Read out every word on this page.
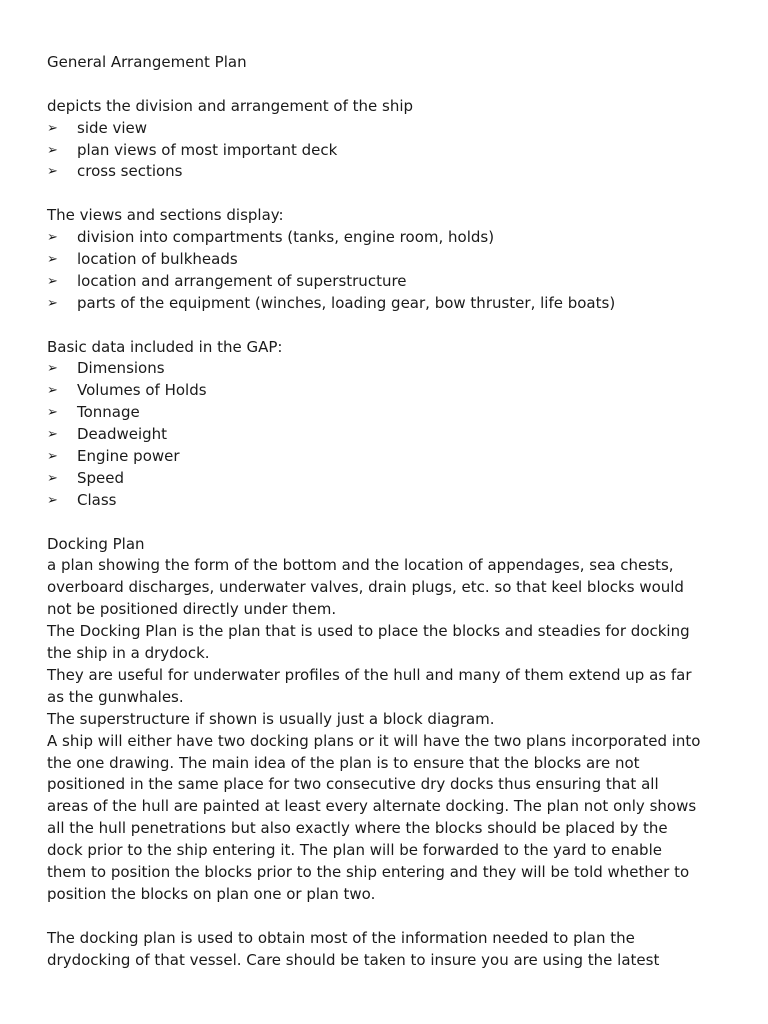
General Arrangement Plan
depicts the division and arrangement of the ship
➢ side view
➢ plan views of most important deck
➢ cross sections
The views and sections display:
➢ division into compartments (tanks, engine room, holds)
➢ location of bulkheads
➢ location and arrangement of superstructure
➢ parts of the equipment (winches, loading gear, bow thruster, life boats)
Basic data included in the GAP:
➢ Dimensions
➢ Volumes of Holds
➢ Tonnage
➢ Deadweight
➢ Engine power
➢ Speed
➢ Class
Docking Plan
a plan showing the form of the bottom and the location of appendages, sea chests,
overboard discharges, underwater valves, drain plugs, etc. so that keel blocks would
not be positioned directly under them.
The Docking Plan is the plan that is used to place the blocks and steadies for docking
the ship in a drydock.
They are useful for underwater profiles of the hull and many of them extend up as far
as the gunwhales.
The superstructure if shown is usually just a block diagram.
A ship will either have two docking plans or it will have the two plans incorporated into
the one drawing. The main idea of the plan is to ensure that the blocks are not
positioned in the same place for two consecutive dry docks thus ensuring that all
areas of the hull are painted at least every alternate docking. The plan not only shows
all the hull penetrations but also exactly where the blocks should be placed by the
dock prior to the ship entering it. The plan will be forwarded to the yard to enable
them to position the blocks prior to the ship entering and they will be told whether to
position the blocks on plan one or plan two.
The docking plan is used to obtain most of the information needed to plan the
drydocking of that vessel. Care should be taken to insure you are using the latest
